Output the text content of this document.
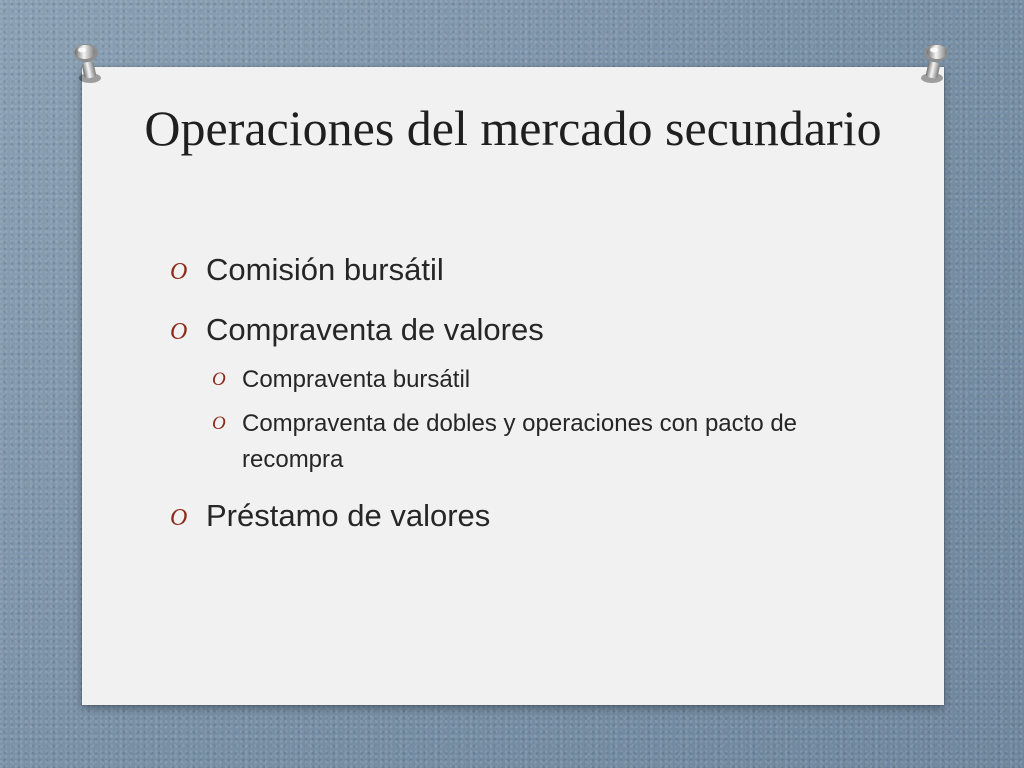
Operaciones del mercado secundario
O Comisión bursátil
O Compraventa de valores
O Compraventa bursátil
O Compraventa de dobles y operaciones con pacto de recompra
O Préstamo de valores
